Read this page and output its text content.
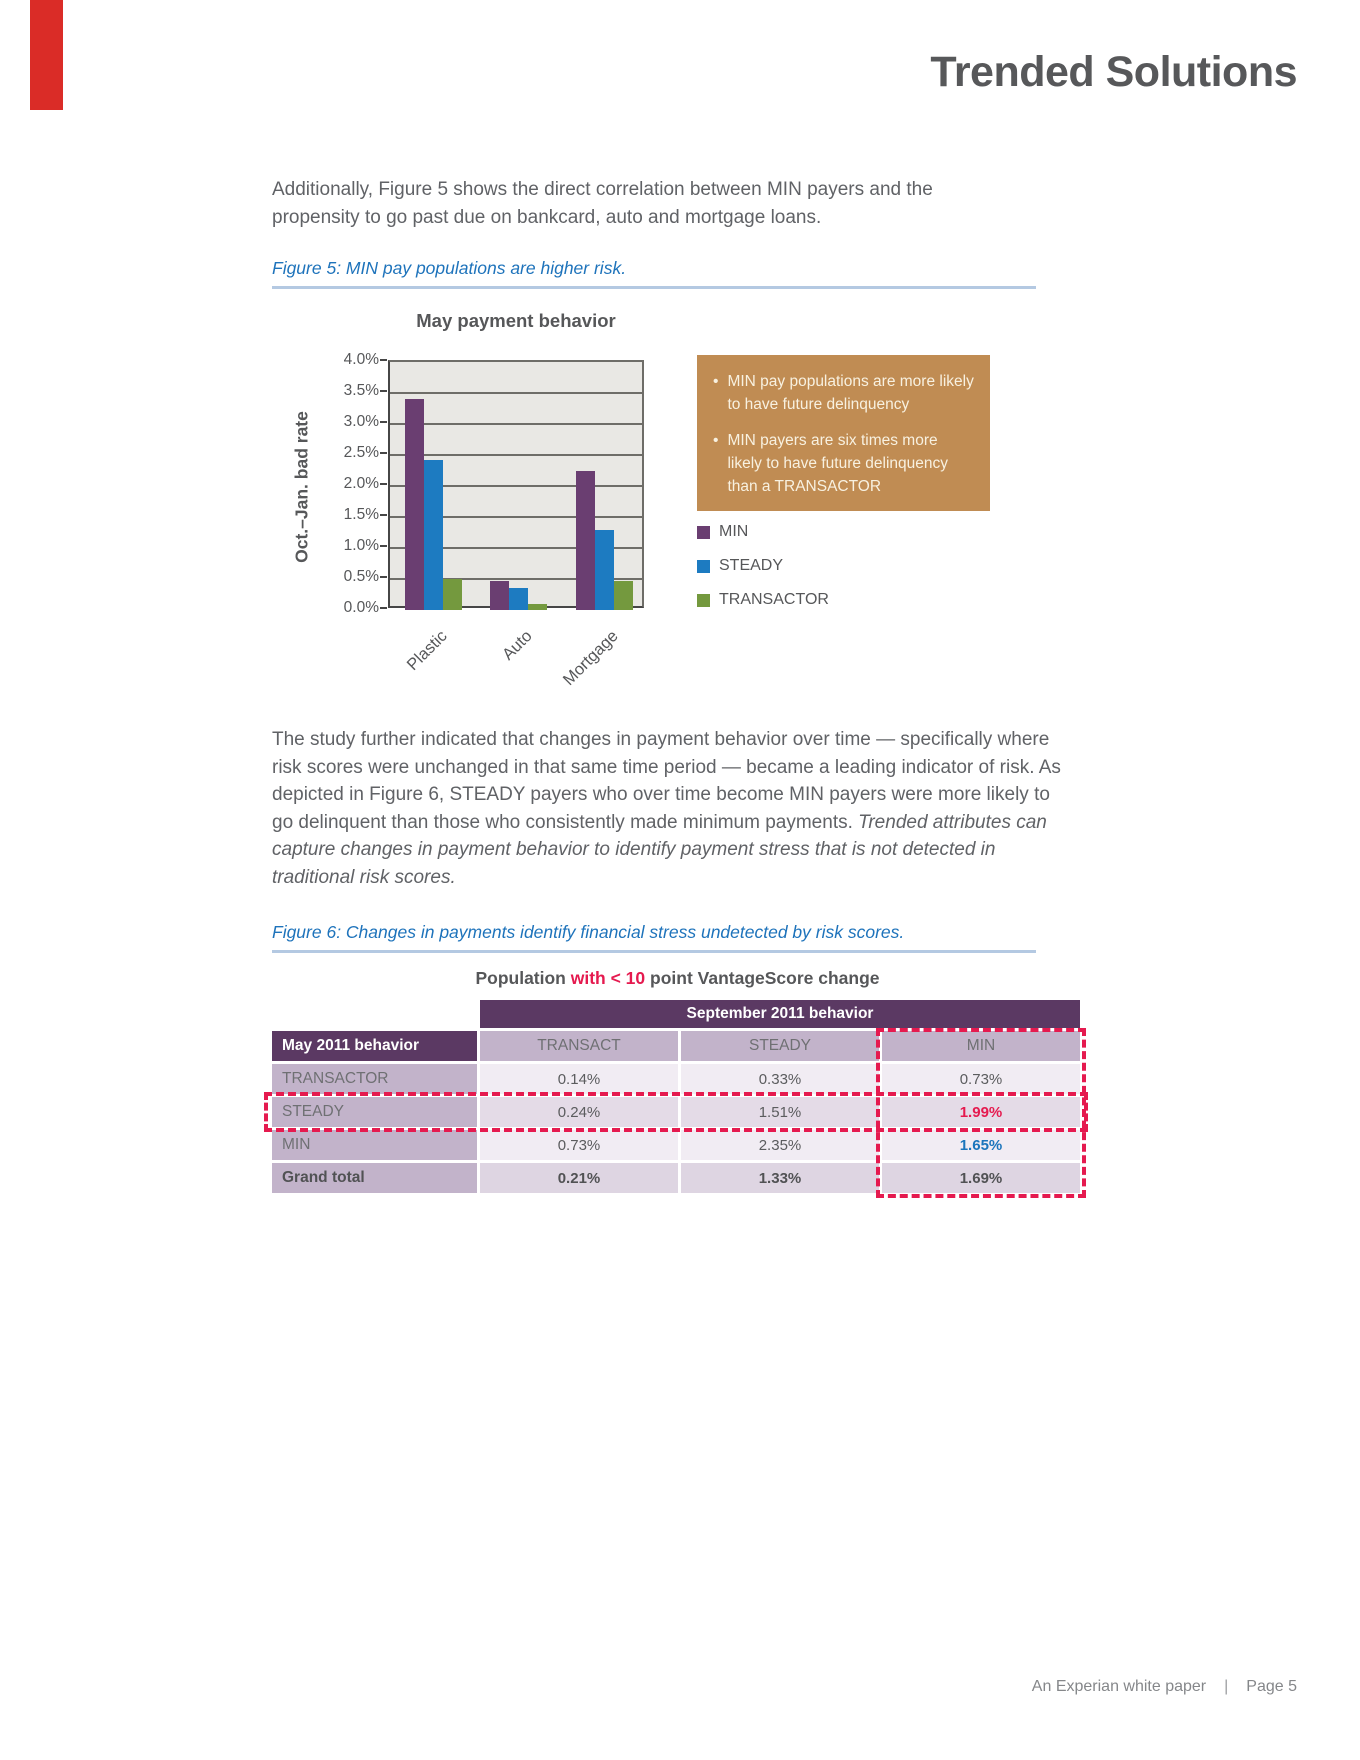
Trended Solutions

Additionally, Figure 5 shows the direct correlation between MIN payers and the propensity to go past due on bankcard, auto and mortgage loans.

Figure 5: MIN pay populations are higher risk.
May payment behavior
Oct.–Jan. bad rate
• MIN pay populations are more likely to have future delinquency
• MIN payers are six times more likely to have future delinquency than a TRANSACTOR
MIN
STEADY
TRANSACTOR
4.0%
3.5%
3.0%
2.5%
2.0%
1.5%
1.0%
0.5%
0.0%
Plastic	Auto	Mortgage

The study further indicated that changes in payment behavior over time — specifically where risk scores were unchanged in that same time period — became a leading indicator of risk. As depicted in Figure 6, STEADY payers who over time become MIN payers were more likely to go delinquent than those who consistently made minimum payments. Trended attributes can capture changes in payment behavior to identify payment stress that is not detected in traditional risk scores.

Figure 6: Changes in payments identify financial stress undetected by risk scores.
Population with < 10 point VantageScore change
September 2011 behavior
May 2011 behavior	TRANSACT	STEADY	MIN
TRANSACTOR	0.14%	0.33%	0.73%
STEADY	0.24%	1.51%	1.99%
MIN	0.73%	2.35%	1.65%
Grand total	0.21%	1.33%	1.69%
An Experian white paper | Page 5
